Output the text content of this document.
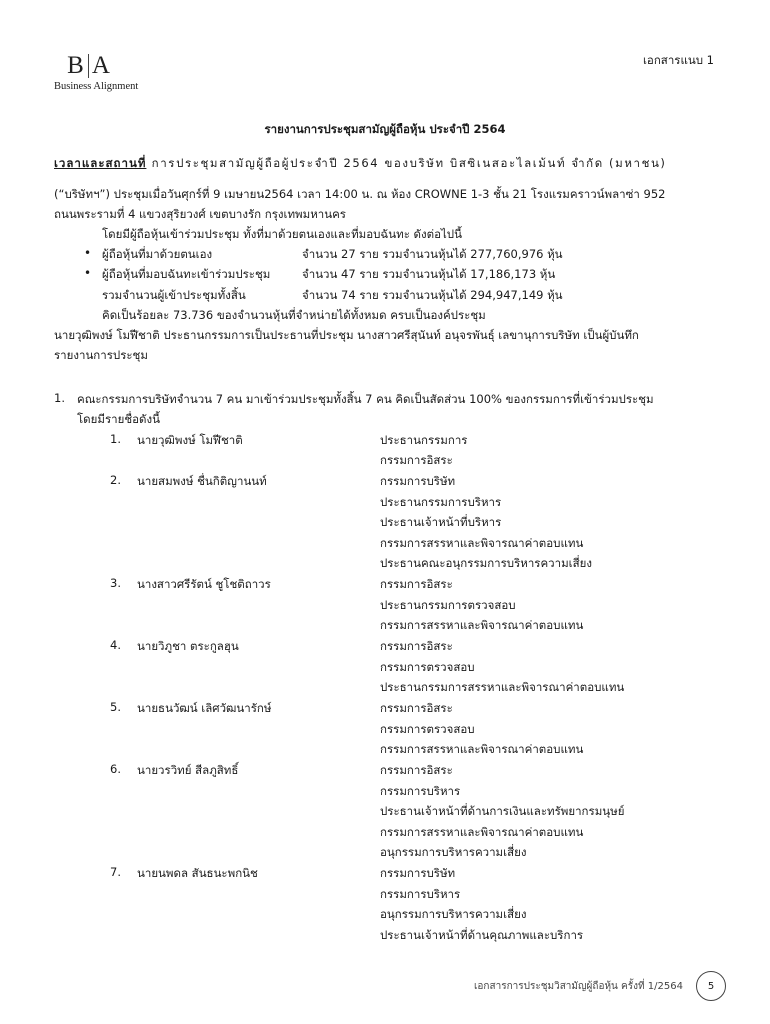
B A
Business Alignment
เอกสารแนบ 1
รายงานการประชุมสามัญผู้ถือหุ้น ประจำปี 2564
เวลาและสถานที่ การประชุมสามัญผู้ถือผู้ประจำปี 2564 ของบริษัท บิสซิเนสอะไลเม้นท์ จำกัด (มหาชน)
(“บริษัทฯ”) ประชุมเมื่อวันศุกร์ที่ 9 เมษายน2564 เวลา 14:00 น. ณ ห้อง CROWNE 1-3 ชั้น 21 โรงแรมคราวน์พลาซ่า 952
ถนนพระรามที่ 4 แขวงสุริยวงศ์ เขตบางรัก กรุงเทพมหานคร
โดยมีผู้ถือหุ้นเข้าร่วมประชุม ทั้งที่มาด้วยตนเองและที่มอบฉันทะ ดังต่อไปนี้
• ผู้ถือหุ้นที่มาด้วยตนเอง	จำนวน 27 ราย รวมจำนวนหุ้นได้ 277,760,976 หุ้น
• ผู้ถือหุ้นที่มอบฉันทะเข้าร่วมประชุม	จำนวน 47 ราย รวมจำนวนหุ้นได้ 17,186,173 หุ้น
รวมจำนวนผู้เข้าประชุมทั้งสิ้น	จำนวน 74 ราย รวมจำนวนหุ้นได้ 294,947,149 หุ้น
คิดเป็นร้อยละ 73.736 ของจำนวนหุ้นที่จำหน่ายได้ทั้งหมด ครบเป็นองค์ประชุม
นายวุฒิพงษ์ โมฬีชาติ ประธานกรรมการเป็นประธานที่ประชุม นางสาวศรีสุนันท์ อนุจรพันธุ์ เลขานุการบริษัท เป็นผู้บันทึก
รายงานการประชุม
1. คณะกรรมการบริษัทจำนวน 7 คน มาเข้าร่วมประชุมทั้งสิ้น 7 คน คิดเป็นสัดส่วน 100% ของกรรมการที่เข้าร่วมประชุม
โดยมีรายชื่อดังนี้
1. นายวุฒิพงษ์ โมฬีชาติ	ประธานกรรมการ
กรรมการอิสระ
2. นายสมพงษ์ ชื่นกิติญานนท์	กรรมการบริษัท
ประธานกรรมการบริหาร
ประธานเจ้าหน้าที่บริหาร
กรรมการสรรหาและพิจารณาค่าตอบแทน
ประธานคณะอนุกรรมการบริหารความเสี่ยง
3. นางสาวศรีรัตน์ ชูโชติถาวร	กรรมการอิสระ
ประธานกรรมการตรวจสอบ
กรรมการสรรหาและพิจารณาค่าตอบแทน
4. นายวิภูชา ตระกูลฮุน	กรรมการอิสระ
กรรมการตรวจสอบ
ประธานกรรมการสรรหาและพิจารณาค่าตอบแทน
5. นายธนวัฒน์ เลิศวัฒนารักษ์	กรรมการอิสระ
กรรมการตรวจสอบ
กรรมการสรรหาและพิจารณาค่าตอบแทน
6. นายวรวิทย์ สีลภูสิทธิ์	กรรมการอิสระ
กรรมการบริหาร
ประธานเจ้าหน้าที่ด้านการเงินและทรัพยากรมนุษย์
กรรมการสรรหาและพิจารณาค่าตอบแทน
อนุกรรมการบริหารความเสี่ยง
7. นายนพดล สันธนะพกนิช	กรรมการบริษัท
กรรมการบริหาร
อนุกรรมการบริหารความเสี่ยง
ประธานเจ้าหน้าที่ด้านคุณภาพและบริการ
เอกสารการประชุมวิสามัญผู้ถือหุ้น ครั้งที่ 1/2564 5
